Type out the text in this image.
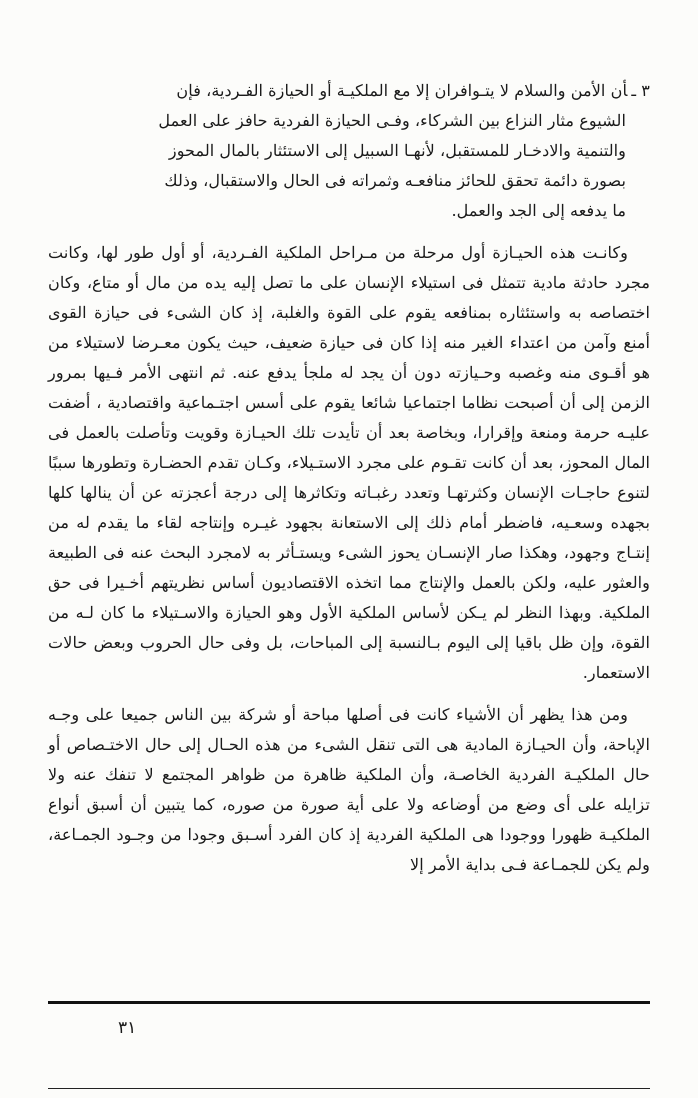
٣ ـأن الأمن والسلام لا يتـوافران إلا مع الملكيـة أو الحيازة الفـردية، فإن

الشيوع مثار النزاع بين الشركاء، وفـى الحيازة الفردية حافز على العمل

والتنمية والادخـار للمستقبل، لأنهـا السبيل إلى الاستئثار بالمال المحوز

بصورة دائمة تحقق للحائز منافعـه وثمراته فى الحال والاستقبال، وذلك

ما يدفعه إلى الجد والعمل.

وكانـت هذه الحيـازة أول مرحلة من مـراحل الملكية الفـردية، أو أول طور لها، وكانت مجرد حادثة مادية تتمثل فى استيلاء الإنسان على ما تصل إليه يده من مال أو متاع، وكان اختصاصه به واستئثاره بمنافعه يقوم على القوة والغلبة، إذ كان الشىء فى حيازة القوى أمنع وآمن من اعتداء الغير منه إذا كان فى حيازة ضعيف، حيث يكون معـرضا لاستيلاء من هو أقـوى منه وغصبه وحـيازته دون أن يجد له ملجأ يدفع عنه. ثم انتهى الأمر فـيها بمرور الزمن إلى أن أصبحت نظاما اجتماعيا شائعا يقوم على أسس اجتـماعية واقتصادية ، أضفت عليـه حرمة ومنعة وإقرارا، وبخاصة بعد أن تأيدت تلك الحيـازة وقويت وتأصلت بالعمل فى المال المحوز، بعد أن كانت تقـوم على مجرد الاستـيلاء، وكـان تقدم الحضـارة وتطورها سببًا لتنوع حاجـات الإنسان وكثرتهـا وتعدد رغبـاته وتكاثرها إلى درجة أعجزته عن أن ينالها كلها بجهده وسعـيه، فاضطر أمام ذلك إلى الاستعانة بجهود غيـره وإنتاجه لقاء ما يقدم له من إنتـاج وجهود، وهكذا صار الإنسـان يحوز الشىء ويستـأثر به لامجرد البحث عنه فى الطبيعة والعثور عليه، ولكن بالعمل والإنتاج مما اتخذه الاقتصاديون أساس نظريتهم أخـيرا فى حق الملكية. وبهذا النظر لم يـكن لأساس الملكية الأول وهو الحيازة والاسـتيلاء ما كان لـه من القوة، وإن ظل باقيا إلى اليوم بـالنسبة إلى المباحات، بل وفى حال الحروب وبعض حالات الاستعمار.

ومن هذا يظهر أن الأشياء كانت فى أصلها مباحة أو شركة بين الناس جميعا على وجـه الإباحة، وأن الحيـازة المادية هى التى تنقل الشىء من هذه الحـال إلى حال الاختـصاص أو حال الملكيـة الفردية الخاصـة، وأن الملكية ظاهرة من ظواهر المجتمع لا تنفك عنه ولا تزايله على أى وضع من أوضاعه ولا على أية صورة من صوره، كما يتبين أن أسبق أنواع الملكيـة ظهورا ووجودا هى الملكية الفردية إذ كان الفرد أسـبق وجودا من وجـود الجمـاعة، ولم يكن للجمـاعة فـى بداية الأمر إلا

٣١
